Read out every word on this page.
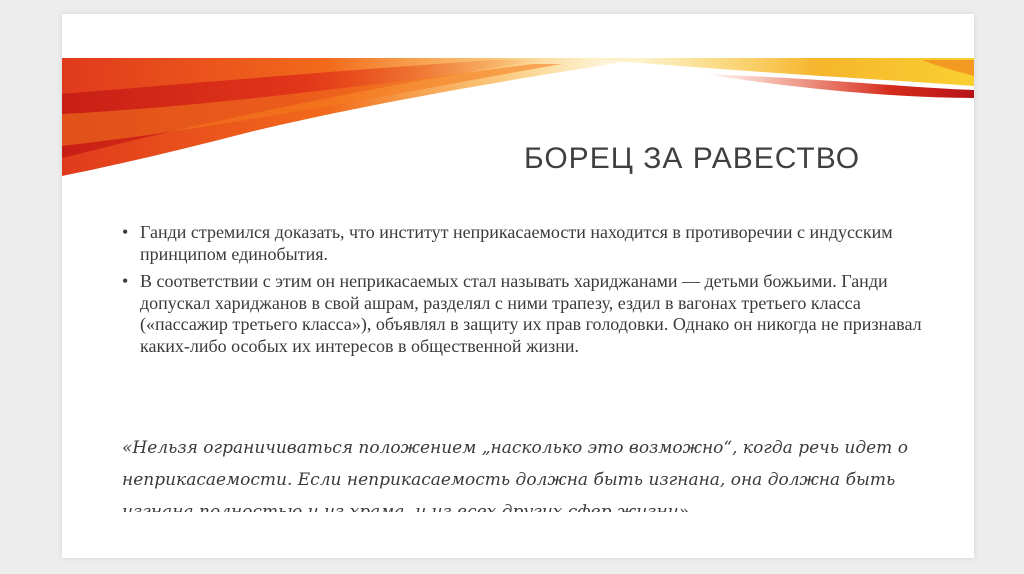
БОРЕЦ ЗА РАВЕСТВО
• Ганди стремился доказать, что институт неприкасаемости находится в противоречии с индусским принципом единобытия.
• В соответствии с этим он неприкасаемых стал называть хариджанами — детьми божьими. Ганди допускал хариджанов в свой ашрам, разделял с ними трапезу, ездил в вагонах третьего класса («пассажир третьего класса»), объявлял в защиту их прав голодовки. Однако он никогда не признавал каких-либо особых их интересов в общественной жизни.
«Нельзя ограничиваться положением „насколько это возможно“, когда речь идет о неприкасаемости. Если неприкасаемость должна быть изгнана, она должна быть
